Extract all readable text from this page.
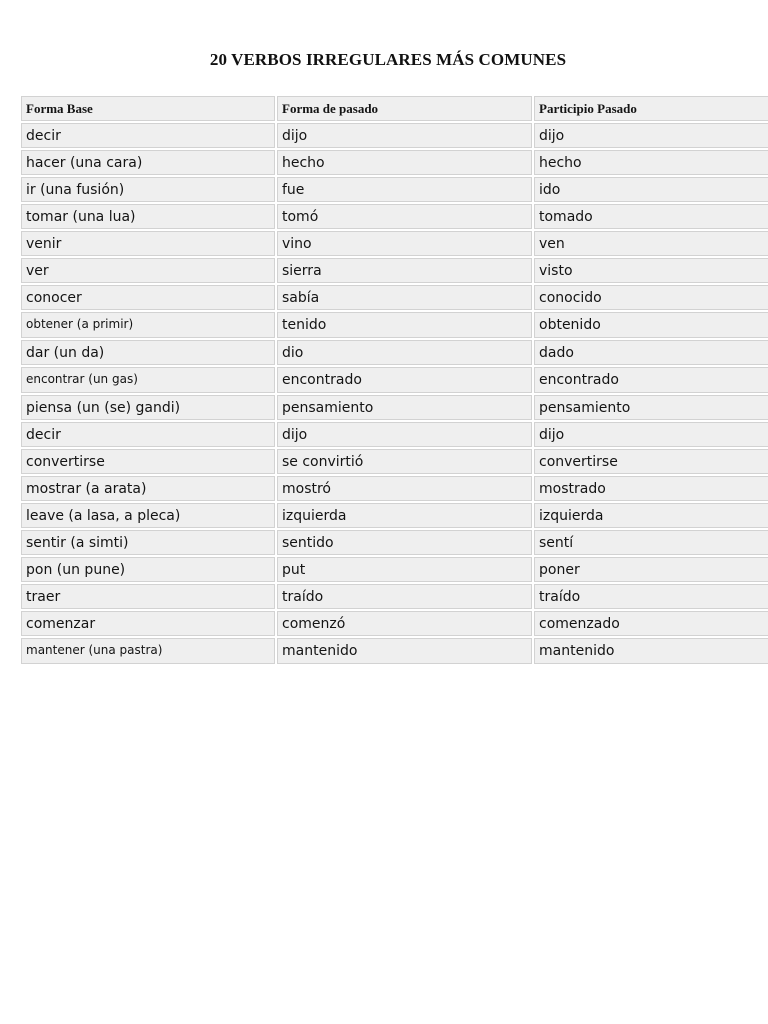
20 VERBOS IRREGULARES MÁS COMUNES
Forma Base	Forma de pasado	Participio Pasado
decir	dijo	dijo
hacer (una cara)	hecho	hecho
ir (una fusión)	fue	ido
tomar (una lua)	tomó	tomado
venir	vino	ven
ver	sierra	visto
conocer	sabía	conocido
obtener (a primir)	tenido	obtenido
dar (un da)	dio	dado
encontrar (un gas)	encontrado	encontrado
piensa (un (se) gandi)	pensamiento	pensamiento
decir	dijo	dijo
convertirse	se convirtió	convertirse
mostrar (a arata)	mostró	mostrado
leave (a lasa, a pleca)	izquierda	izquierda
sentir (a simti)	sentido	sentí
pon (un pune)	put	poner
traer	traído	traído
comenzar	comenzó	comenzado
mantener (una pastra)	mantenido	mantenido
